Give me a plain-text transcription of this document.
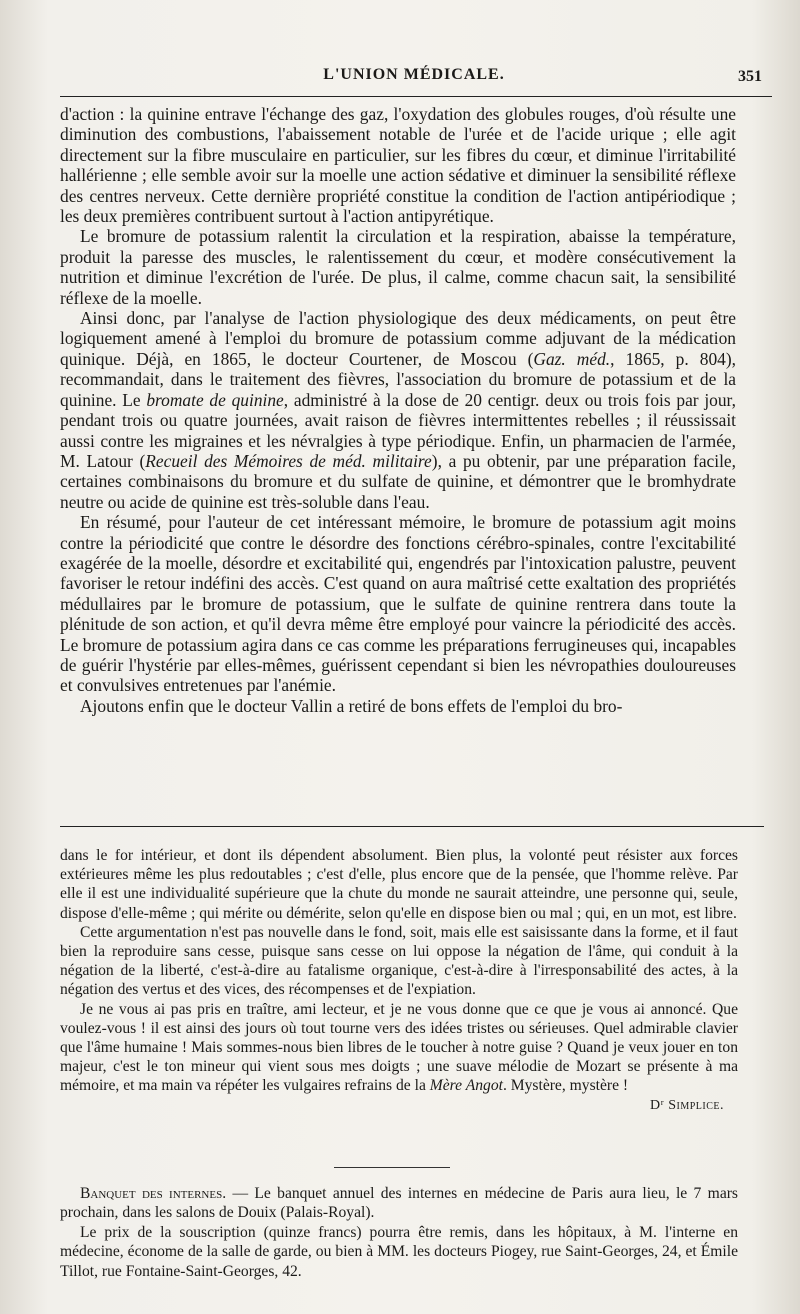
L'UNION MÉDICALE.	351

d'action : la quinine entrave l'échange des gaz, l'oxydation des globules rouges, d'où résulte une diminution des combustions, l'abaissement notable de l'urée et de l'acide urique ; elle agit directement sur la fibre musculaire en particulier, sur les fibres du cœur, et diminue l'irritabilité hallérienne ; elle semble avoir sur la moelle une action sédative et diminuer la sensibilité réflexe des centres nerveux. Cette dernière propriété constitue la condition de l'action antipériodique ; les deux premières contribuent surtout à l'action antipyrétique.

Le bromure de potassium ralentit la circulation et la respiration, abaisse la température, produit la paresse des muscles, le ralentissement du cœur, et modère consécutivement la nutrition et diminue l'excrétion de l'urée. De plus, il calme, comme chacun sait, la sensibilité réflexe de la moelle.

Ainsi donc, par l'analyse de l'action physiologique des deux médicaments, on peut être logiquement amené à l'emploi du bromure de potassium comme adjuvant de la médication quinique. Déjà, en 1865, le docteur Courtener, de Moscou (Gaz. méd., 1865, p. 804), recommandait, dans le traitement des fièvres, l'association du bromure de potassium et de la quinine. Le bromate de quinine, administré à la dose de 20 centigr. deux ou trois fois par jour, pendant trois ou quatre journées, avait raison de fièvres intermittentes rebelles ; il réussissait aussi contre les migraines et les névralgies à type périodique. Enfin, un pharmacien de l'armée, M. Latour (Recueil des Mémoires de méd. militaire), a pu obtenir, par une préparation facile, certaines combinaisons du bromure et du sulfate de quinine, et démontrer que le bromhydrate neutre ou acide de quinine est très-soluble dans l'eau.

En résumé, pour l'auteur de cet intéressant mémoire, le bromure de potassium agit moins contre la périodicité que contre le désordre des fonctions cérébro-spinales, contre l'excitabilité exagérée de la moelle, désordre et excitabilité qui, engendrés par l'intoxication palustre, peuvent favoriser le retour indéfini des accès. C'est quand on aura maîtrisé cette exaltation des propriétés médullaires par le bromure de potassium, que le sulfate de quinine rentrera dans toute la plénitude de son action, et qu'il devra même être employé pour vaincre la périodicité des accès. Le bromure de potassium agira dans ce cas comme les préparations ferrugineuses qui, incapables de guérir l'hystérie par elles-mêmes, guérissent cependant si bien les névropathies douloureuses et convulsives entretenues par l'anémie.

Ajoutons enfin que le docteur Vallin a retiré de bons effets de l'emploi du bro-

dans le for intérieur, et dont ils dépendent absolument. Bien plus, la volonté peut résister aux forces extérieures même les plus redoutables ; c'est d'elle, plus encore que de la pensée, que l'homme relève. Par elle il est une individualité supérieure que la chute du monde ne saurait atteindre, une personne qui, seule, dispose d'elle-même ; qui mérite ou démérite, selon qu'elle en dispose bien ou mal ; qui, en un mot, est libre.

Cette argumentation n'est pas nouvelle dans le fond, soit, mais elle est saisissante dans la forme, et il faut bien la reproduire sans cesse, puisque sans cesse on lui oppose la négation de l'âme, qui conduit à la négation de la liberté, c'est-à-dire au fatalisme organique, c'est-à-dire à l'irresponsabilité des actes, à la négation des vertus et des vices, des récompenses et de l'expiation.

Je ne vous ai pas pris en traître, ami lecteur, et je ne vous donne que ce que je vous ai annoncé. Que voulez-vous ! il est ainsi des jours où tout tourne vers des idées tristes ou sérieuses. Quel admirable clavier que l'âme humaine ! Mais sommes-nous bien libres de le toucher à notre guise ? Quand je veux jouer en ton majeur, c'est le ton mineur qui vient sous mes doigts ; une suave mélodie de Mozart se présente à ma mémoire, et ma main va répéter les vulgaires refrains de la Mère Angot. Mystère, mystère !

Dʳ Simplice.

Banquet des internes. — Le banquet annuel des internes en médecine de Paris aura lieu, le 7 mars prochain, dans les salons de Douix (Palais-Royal).

Le prix de la souscription (quinze francs) pourra être remis, dans les hôpitaux, à M. l'interne en médecine, économe de la salle de garde, ou bien à MM. les docteurs Piogey, rue Saint-Georges, 24, et Émile Tillot, rue Fontaine-Saint-Georges, 42.
